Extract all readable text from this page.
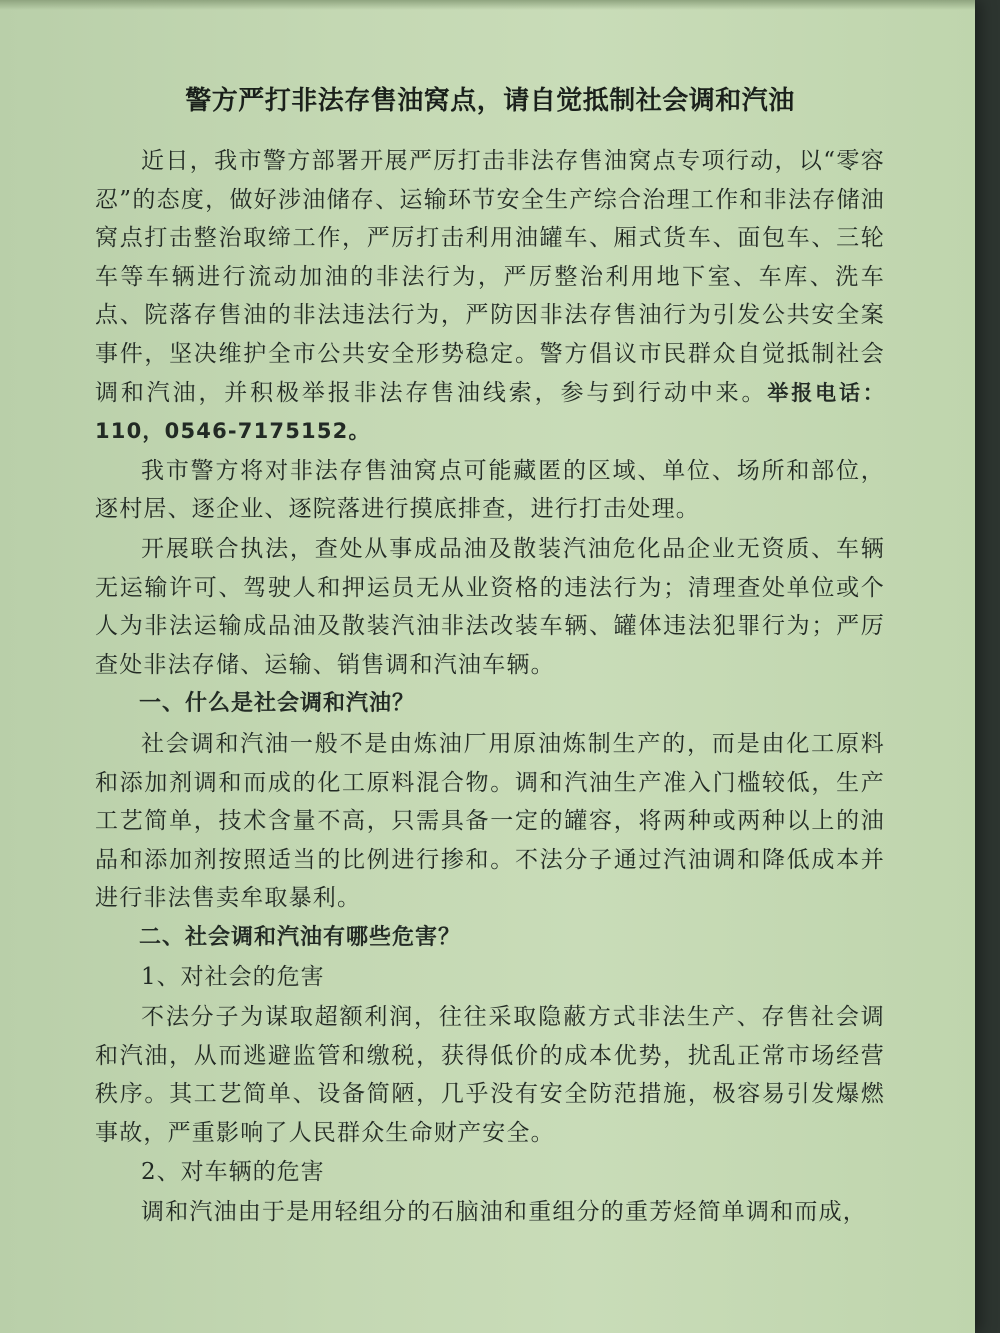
警方严打非法存售油窝点，请自觉抵制社会调和汽油

近日，我市警方部署开展严厉打击非法存售油窝点专项行动，以“零容忍”的态度，做好涉油储存、运输环节安全生产综合治理工作和非法存储油窝点打击整治取缔工作，严厉打击利用油罐车、厢式货车、面包车、三轮车等车辆进行流动加油的非法行为，严厉整治利用地下室、车库、洗车点、院落存售油的非法违法行为，严防因非法存售油行为引发公共安全案事件，坚决维护全市公共安全形势稳定。警方倡议市民群众自觉抵制社会调和汽油，并积极举报非法存售油线索，参与到行动中来。举报电话：110，0546-7175152。

我市警方将对非法存售油窝点可能藏匿的区域、单位、场所和部位，逐村居、逐企业、逐院落进行摸底排查，进行打击处理。

开展联合执法，查处从事成品油及散装汽油危化品企业无资质、车辆无运输许可、驾驶人和押运员无从业资格的违法行为；清理查处单位或个人为非法运输成品油及散装汽油非法改装车辆、罐体违法犯罪行为；严厉查处非法存储、运输、销售调和汽油车辆。

一、什么是社会调和汽油？

社会调和汽油一般不是由炼油厂用原油炼制生产的，而是由化工原料和添加剂调和而成的化工原料混合物。调和汽油生产准入门槛较低，生产工艺简单，技术含量不高，只需具备一定的罐容，将两种或两种以上的油品和添加剂按照适当的比例进行掺和。不法分子通过汽油调和降低成本并进行非法售卖牟取暴利。

二、社会调和汽油有哪些危害？

1、对社会的危害

不法分子为谋取超额利润，往往采取隐蔽方式非法生产、存售社会调和汽油，从而逃避监管和缴税，获得低价的成本优势，扰乱正常市场经营秩序。其工艺简单、设备简陋，几乎没有安全防范措施，极容易引发爆燃事故，严重影响了人民群众生命财产安全。

2、对车辆的危害

调和汽油由于是用轻组分的石脑油和重组分的重芳烃简单调和而成，
